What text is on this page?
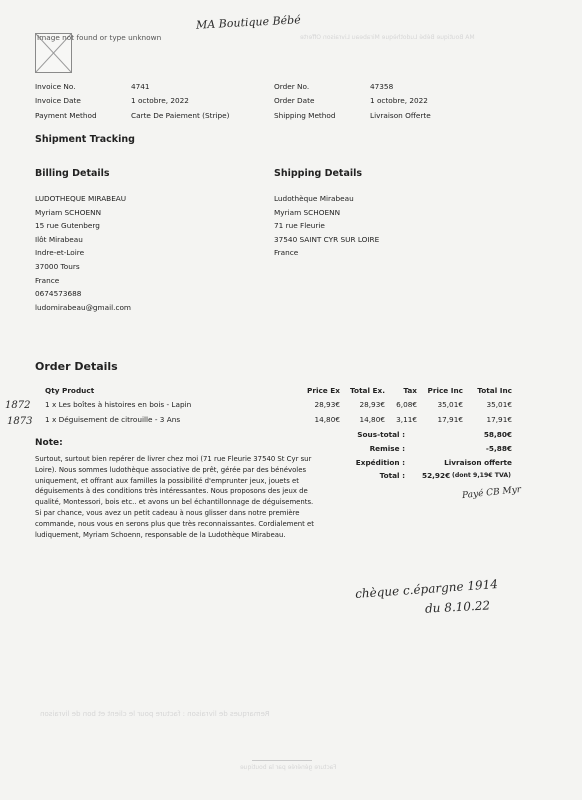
Image not found or type unknown
MA Boutique Bébé
MA Boutique Bébé Ludothèque Mirabeau Livraison Offerte
Invoice No.	4741	Order No.	47358
Invoice Date	1 octobre, 2022	Order Date	1 octobre, 2022
Payment Method	Carte De Paiement (Stripe)	Shipping Method	Livraison Offerte
Shipment Tracking
Billing Details
LUDOTHEQUE MIRABEAU
Myriam SCHOENN
15 rue Gutenberg
Ilôt Mirabeau
Indre-et-Loire
37000 Tours
France
0674573688
ludomirabeau@gmail.com
Shipping Details
Ludothèque Mirabeau
Myriam SCHOENN
71 rue Fleurie
37540 SAINT CYR SUR LOIRE
France
Order Details
Qty Product	Price Ex	Total Ex.	Tax	Price Inc	Total Inc
1872 1 x Les boîtes à histoires en bois - Lapin	28,93€	28,93€	6,08€	35,01€	35,01€
1873 1 x Déguisement de citrouille - 3 Ans	14,80€	14,80€	3,11€	17,91€	17,91€
Sous-total :	58,80€
Remise :	-5,88€
Expédition :	Livraison offerte
Total : 52,92€ (dont 9,19€ TVA)
Note:
Surtout, surtout bien repérer de livrer chez moi (71 rue Fleurie 37540 St Cyr sur
Loire). Nous sommes ludothèque associative de prêt, gérée par des bénévoles
uniquement, et offrant aux familles la possibilité d'emprunter jeux, jouets et
déguisements à des conditions très intéressantes. Nous proposons des jeux de
qualité, Montessori, bois etc.. et avons un bel échantillonnage de déguisements.
Si par chance, vous avez un petit cadeau à nous glisser dans notre première
commande, nous vous en serons plus que très reconnaissantes. Cordialement et
ludiquement, Myriam Schoenn, responsable de la Ludothèque Mirabeau.
Payé CB Myr
chèque c.épargne 1914
du 8.10.22
Remarques de livraison : facture pour le client et bon de livraison
Facture générée par la boutique
